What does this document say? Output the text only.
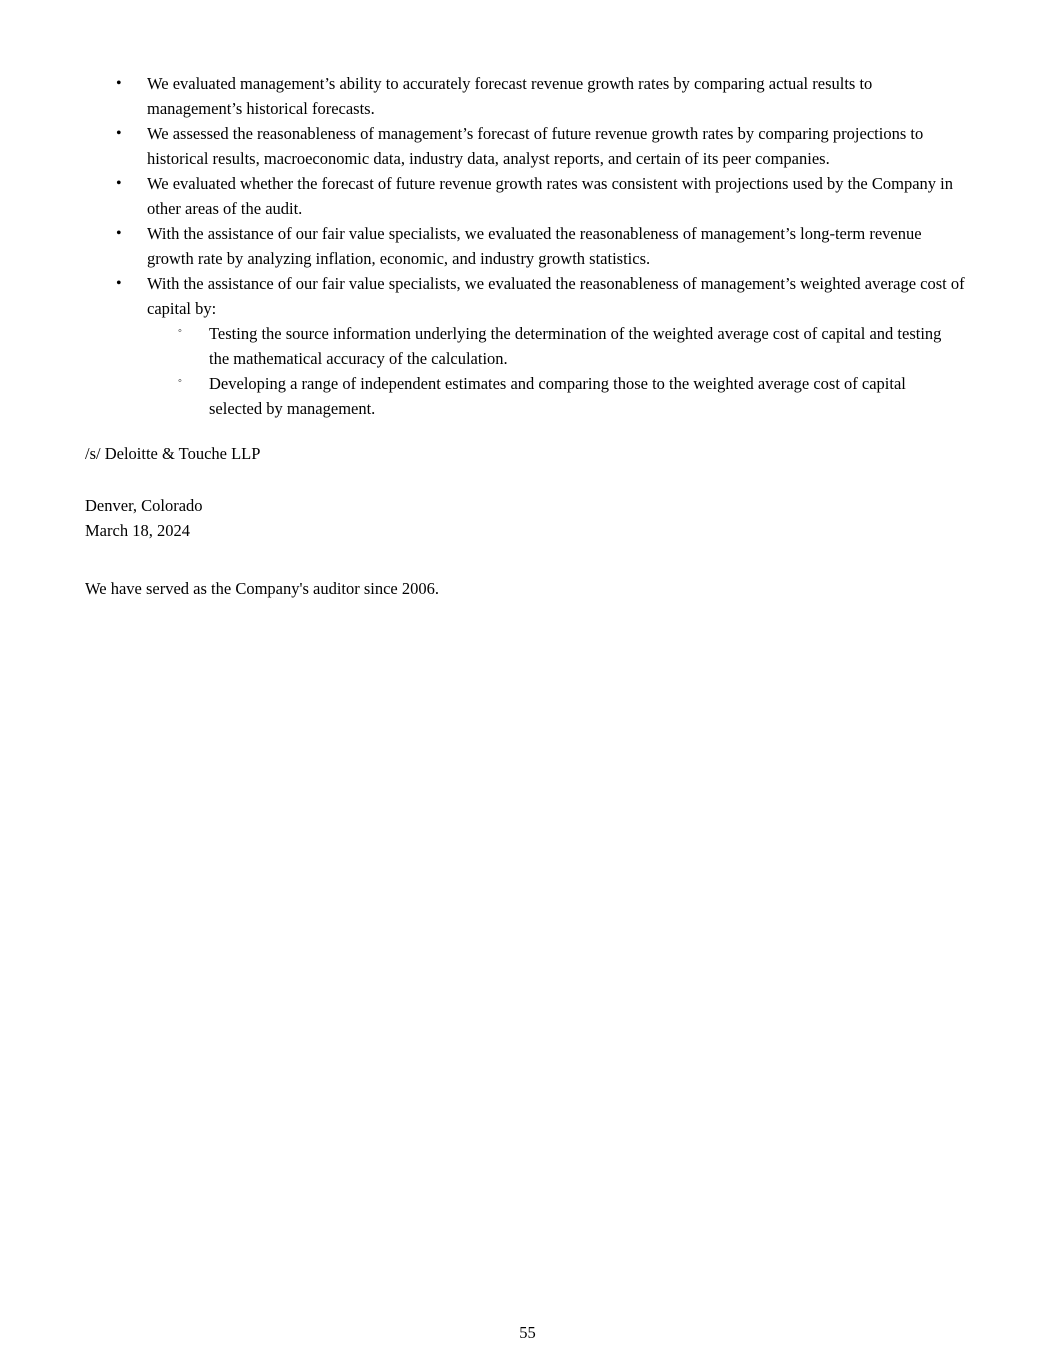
• We evaluated management’s ability to accurately forecast revenue growth rates by comparing actual results to management’s historical forecasts.
• We assessed the reasonableness of management’s forecast of future revenue growth rates by comparing projections to historical results, macroeconomic data, industry data, analyst reports, and certain of its peer companies.
• We evaluated whether the forecast of future revenue growth rates was consistent with projections used by the Company in other areas of the audit.
• With the assistance of our fair value specialists, we evaluated the reasonableness of management’s long-term revenue growth rate by analyzing inflation, economic, and industry growth statistics.
• With the assistance of our fair value specialists, we evaluated the reasonableness of management’s weighted average cost of capital by:
◦ Testing the source information underlying the determination of the weighted average cost of capital and testing the mathematical accuracy of the calculation.
◦ Developing a range of independent estimates and comparing those to the weighted average cost of capital selected by management.
/s/ Deloitte & Touche LLP
Denver, Colorado
March 18, 2024
We have served as the Company's auditor since 2006.
55
